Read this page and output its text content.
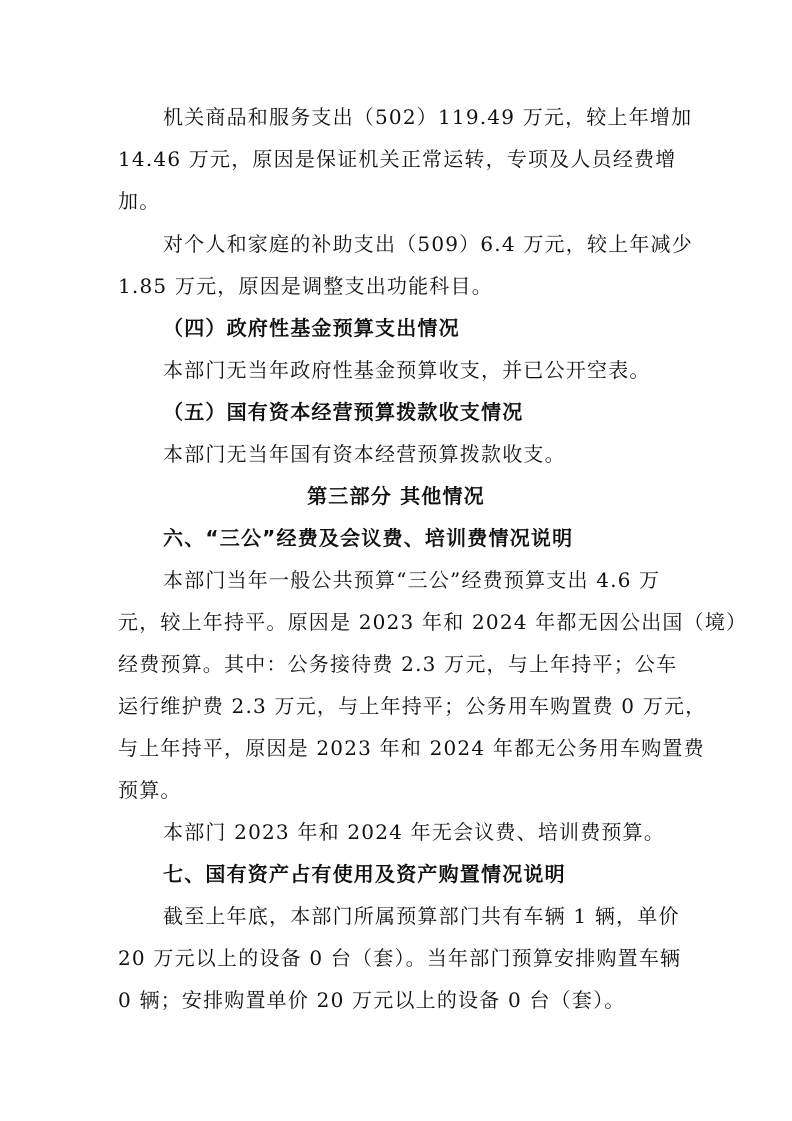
机关商品和服务支出（502）119.49 万元，较上年增加
14.46 万元，原因是保证机关正常运转，专项及人员经费增
加。
对个人和家庭的补助支出（509）6.4 万元，较上年减少
1.85 万元，原因是调整支出功能科目。
（四）政府性基金预算支出情况
本部门无当年政府性基金预算收支，并已公开空表。
（五）国有资本经营预算拨款收支情况
本部门无当年国有资本经营预算拨款收支。
第三部分 其他情况
六、“三公”经费及会议费、培训费情况说明
本部门当年一般公共预算“三公”经费预算支出 4.6 万
元，较上年持平。原因是 2023 年和 2024 年都无因公出国（境）
经费预算。其中：公务接待费 2.3 万元，与上年持平；公车
运行维护费 2.3 万元，与上年持平；公务用车购置费 0 万元，
与上年持平，原因是 2023 年和 2024 年都无公务用车购置费
预算。
本部门 2023 年和 2024 年无会议费、培训费预算。
七、国有资产占有使用及资产购置情况说明
截至上年底，本部门所属预算部门共有车辆 1 辆，单价
20 万元以上的设备 0 台（套）。当年部门预算安排购置车辆
0 辆；安排购置单价 20 万元以上的设备 0 台（套）。
